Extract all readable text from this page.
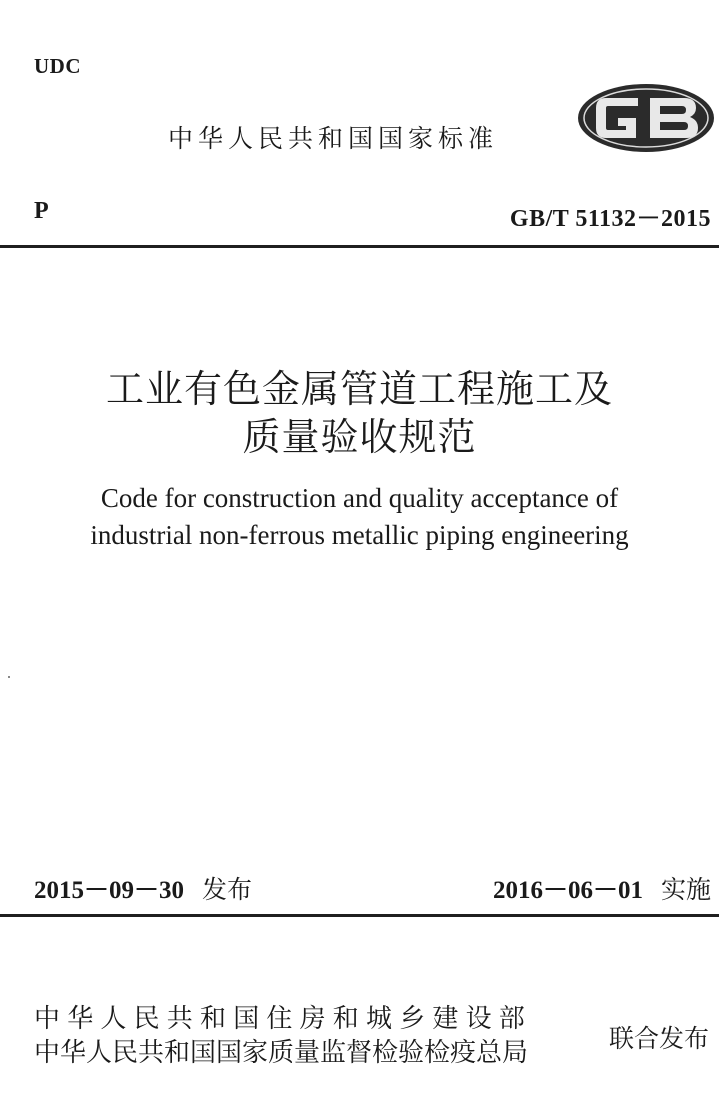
UDC
中华人民共和国国家标准
P	GB/T 51132－2015
工业有色金属管道工程施工及
质量验收规范
Code for construction and quality acceptance of
industrial non-ferrous metallic piping engineering
2015－09－30 发布	2016－06－01 实施
中华人民共和国住房和城乡建设部
中华人民共和国国家质量监督检验检疫总局	联合发布
